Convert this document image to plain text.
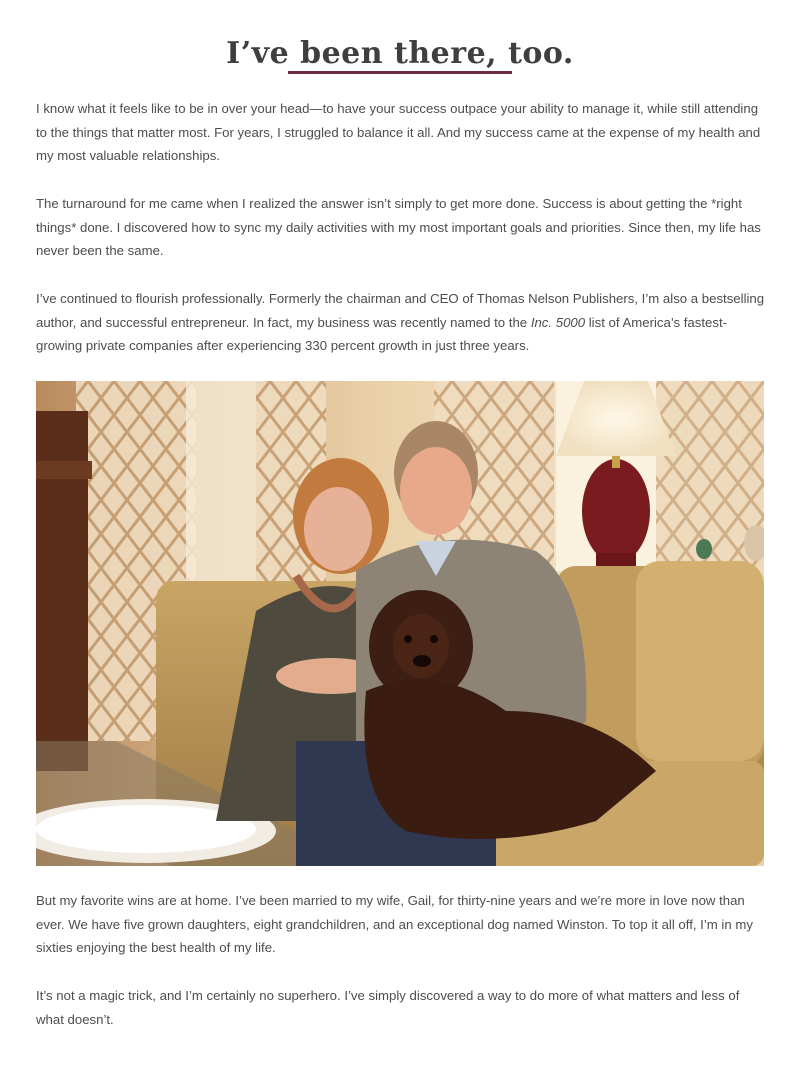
I’ve been there, too.

I know what it feels like to be in over your head—to have your success outpace your ability to manage it, while still attending to the things that matter most. For years, I struggled to balance it all. And my success came at the expense of my health and my most valuable relationships.

The turnaround for me came when I realized the answer isn’t simply to get more done. Success is about getting the *right things* done. I discovered how to sync my daily activities with my most important goals and priorities. Since then, my life has never been the same.

I’ve continued to flourish professionally. Formerly the chairman and CEO of Thomas Nelson Publishers, I’m also a bestselling author, and successful entrepreneur. In fact, my business was recently named to the Inc. 5000 list of America’s fastest-growing private companies after experiencing 330 percent growth in just three years.

But my favorite wins are at home. I’ve been married to my wife, Gail, for thirty-nine years and we’re more in love now than ever. We have five grown daughters, eight grandchildren, and an exceptional dog named Winston. To top it all off, I’m in my sixties enjoying the best health of my life.

It’s not a magic trick, and I’m certainly no superhero. I’ve simply discovered a way to do more of what matters and less of what doesn’t.
